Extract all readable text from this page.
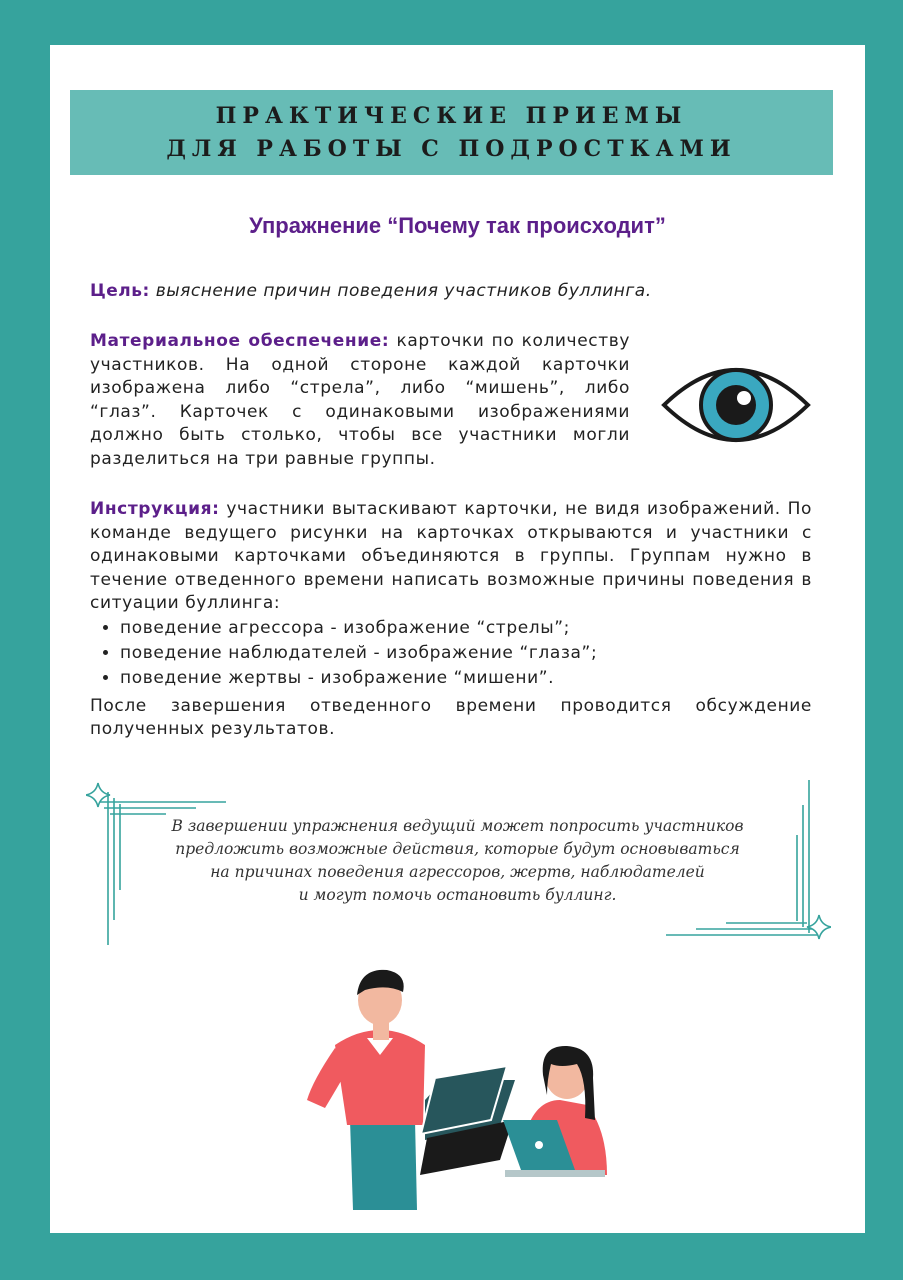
ПРАКТИЧЕСКИЕ ПРИЕМЫ
ДЛЯ РАБОТЫ С ПОДРОСТКАМИ
Упражнение “Почему так происходит”
Цель: выяснение причин поведения участников буллинга.
Материальное обеспечение: карточки по количеству участников. На одной стороне каждой карточки изображена либо “стрела”, либо “мишень”, либо “глаз”. Карточек с одинаковыми изображениями должно быть столько, чтобы все участники могли разделиться на три равные группы.
Инструкция: участники вытаскивают карточки, не видя изображений. По команде ведущего рисунки на карточках открываются и участники с одинаковыми карточками объединяются в группы. Группам нужно в течение отведенного времени написать возможные причины поведения в ситуации буллинга:
• поведение агрессора - изображение “стрелы”;
• поведение наблюдателей - изображение “глаза”;
• поведение жертвы - изображение “мишени”.
После завершения отведенного времени проводится обсуждение полученных результатов.
В завершении упражнения ведущий может попросить участников
предложить возможные действия, которые будут основываться
на причинах поведения агрессоров, жертв, наблюдателей
и могут помочь остановить буллинг.
